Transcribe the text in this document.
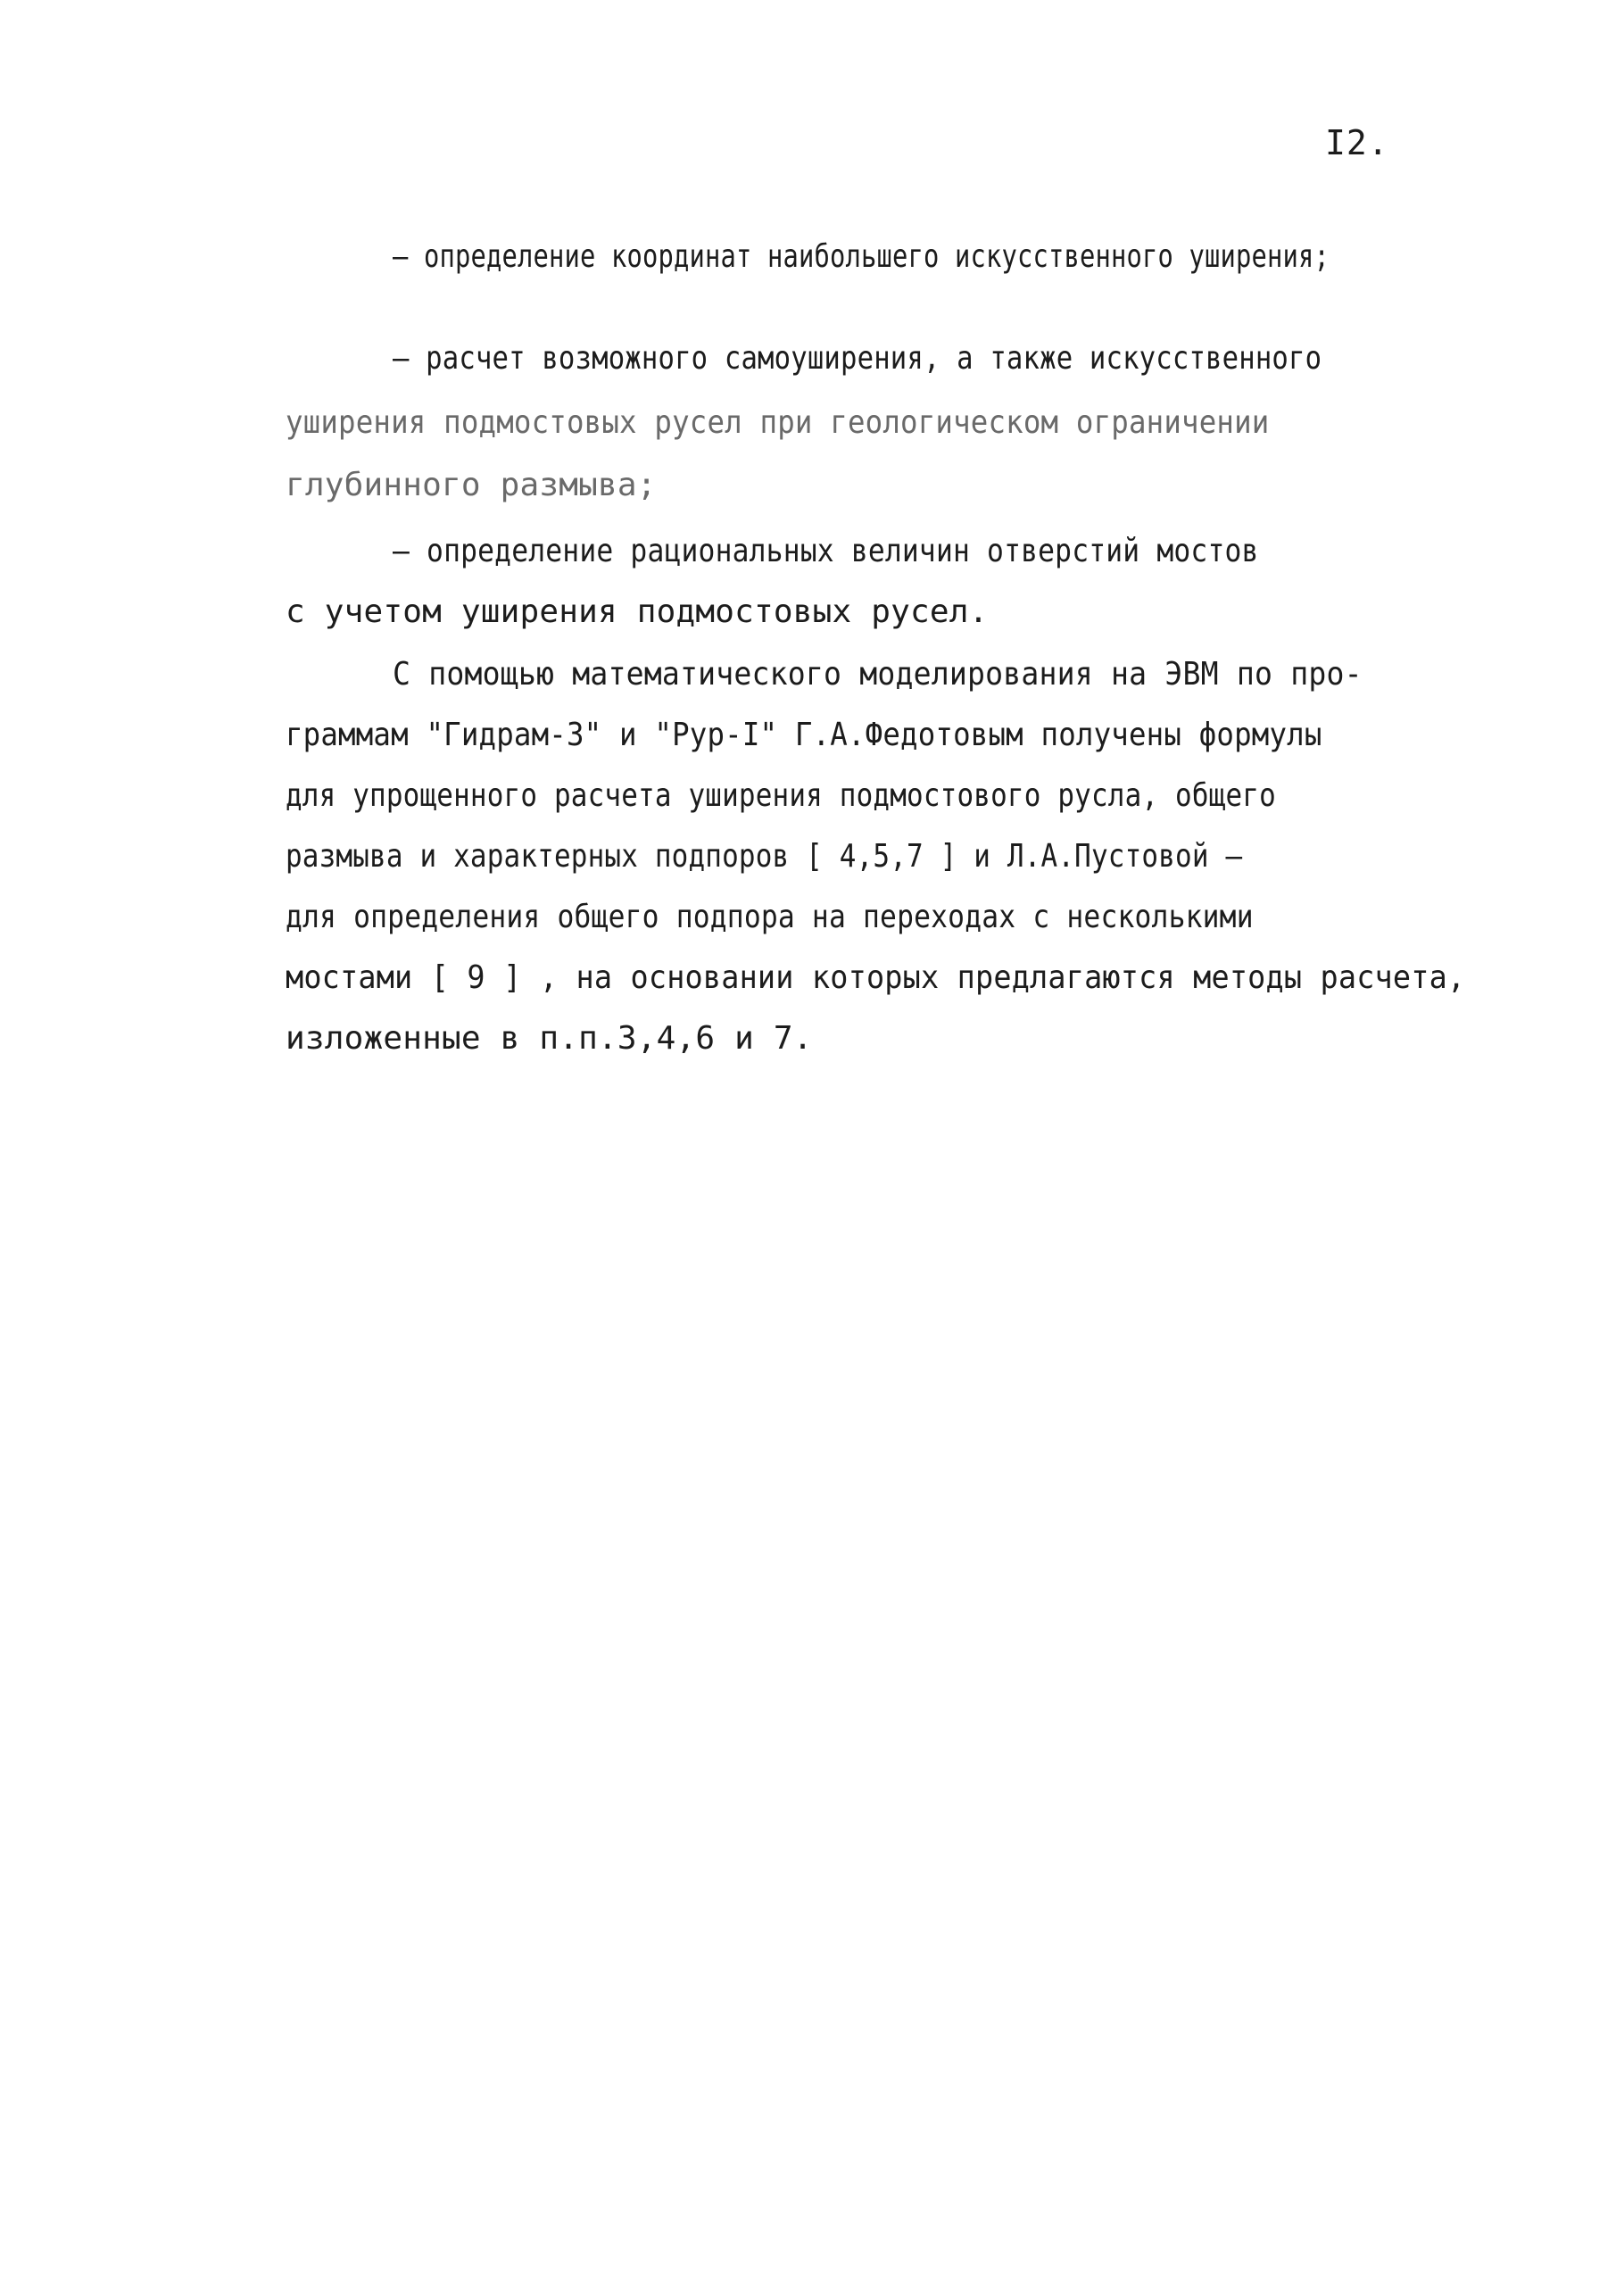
I2.
– определение координат наибольшего искусственного уширения;
– расчет возможного самоуширения, а также искусственного
уширения подмостовых русел при геологическом ограничении
глубинного размыва;
– определение рациональных величин отверстий мостов
с учетом уширения подмостовых русел.
С помощью математического моделирования на ЭВМ по про-
граммам "Гидрам-3" и "Рур-I" Г.А.Федотовым получены формулы
для упрощенного расчета уширения подмостового русла, общего
размыва и характерных подпоров [ 4,5,7 ] и Л.А.Пустовой –
для определения общего подпора на переходах с несколькими
мостами [ 9 ] , на основании которых предлагаются методы расчета,
изложенные в п.п.3,4,6 и 7.
